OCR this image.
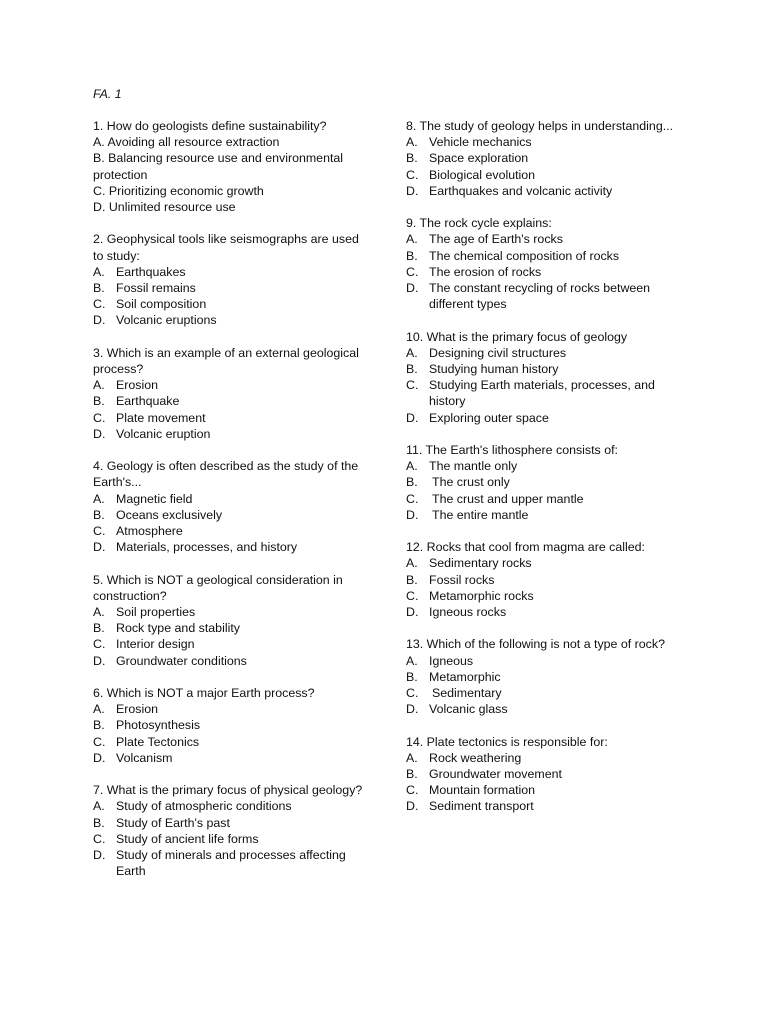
FA. 1

1. How do geologists define sustainability?

A. Avoiding all resource extraction
B. Balancing resource use and environmental protection
C. Prioritizing economic growth
D. Unlimited resource use

2. Geophysical tools like seismographs are used to study:

A. Earthquakes
B. Fossil remains
C. Soil composition
D. Volcanic eruptions

3. Which is an example of an external geological process?

A. Erosion
B. Earthquake
C. Plate movement
D. Volcanic eruption

4. Geology is often described as the study of the Earth's...

A. Magnetic field
B. Oceans exclusively
C. Atmosphere
D. Materials, processes, and history

5. Which is NOT a geological consideration in construction?

A. Soil properties
B. Rock type and stability
C. Interior design
D. Groundwater conditions

6. Which is NOT a major Earth process?

A. Erosion
B. Photosynthesis
C. Plate Tectonics
D. Volcanism

7. What is the primary focus of physical geology?

A. Study of atmospheric conditions
B. Study of Earth's past
C. Study of ancient life forms
D. Study of minerals and processes affecting Earth

8. The study of geology helps in understanding...

A. Vehicle mechanics
B. Space exploration
C. Biological evolution
D. Earthquakes and volcanic activity

9. The rock cycle explains:

A. The age of Earth's rocks
B. The chemical composition of rocks
C. The erosion of rocks
D. The constant recycling of rocks between different types

10. What is the primary focus of geology

A. Designing civil structures
B. Studying human history
C. Studying Earth materials, processes, and history
D. Exploring outer space

11. The Earth's lithosphere consists of:

A. The mantle only
B.	The crust only
C.	The crust and upper mantle
D.	The entire mantle

12. Rocks that cool from magma are called:

A. Sedimentary rocks
B. Fossil rocks
C. Metamorphic rocks
D. Igneous rocks

13. Which of the following is not a type of rock?

A. Igneous
B. Metamorphic
C.	Sedimentary
D. Volcanic glass

14. Plate tectonics is responsible for:

A. Rock weathering
B. Groundwater movement
C. Mountain formation
D. Sediment transport
